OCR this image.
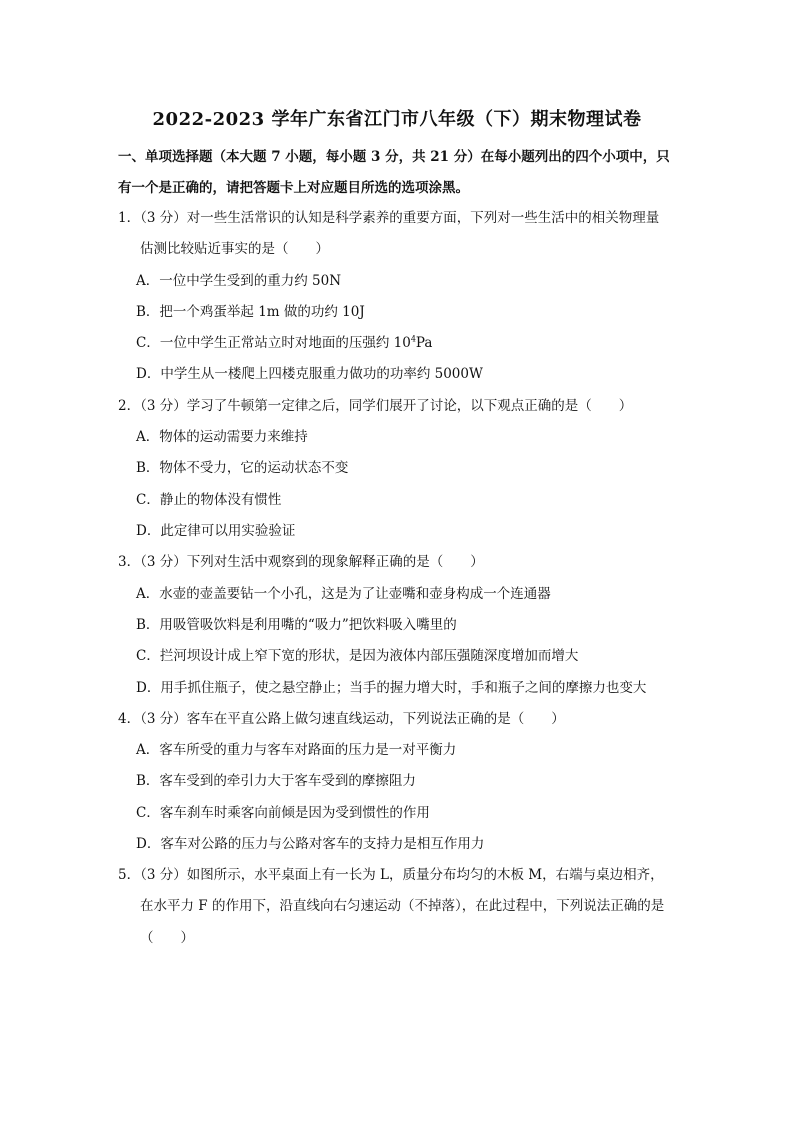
2022-2023 学年广东省江门市八年级（下）期末物理试卷
一、单项选择题（本大题 7 小题，每小题 3 分，共 21 分）在每小题列出的四个小项中，只
有一个是正确的，请把答题卡上对应题目所选的选项涂黑。
1．（3 分）对一些生活常识的认知是科学素养的重要方面，下列对一些生活中的相关物理量
估测比较贴近事实的是（　　）
A．一位中学生受到的重力约 50N
B．把一个鸡蛋举起 1m 做的功约 10J
C．一位中学生正常站立时对地面的压强约 $10^4Pa$
D．中学生从一楼爬上四楼克服重力做功的功率约 5000W
2．（3 分）学习了牛顿第一定律之后，同学们展开了讨论，以下观点正确的是（　　）
A．物体的运动需要力来维持
B．物体不受力，它的运动状态不变
C．静止的物体没有惯性
D．此定律可以用实验验证
3．（3 分）下列对生活中观察到的现象解释正确的是（　　）
A．水壶的壶盖要钻一个小孔，这是为了让壶嘴和壶身构成一个连通器
B．用吸管吸饮料是利用嘴的“吸力”把饮料吸入嘴里的
C．拦河坝设计成上窄下宽的形状，是因为液体内部压强随深度增加而增大
D．用手抓住瓶子，使之悬空静止；当手的握力增大时，手和瓶子之间的摩擦力也变大
4．（3 分）客车在平直公路上做匀速直线运动，下列说法正确的是（　　）
A．客车所受的重力与客车对路面的压力是一对平衡力
B．客车受到的牵引力大于客车受到的摩擦阻力
C．客车刹车时乘客向前倾是因为受到惯性的作用
D．客车对公路的压力与公路对客车的支持力是相互作用力
5．（3 分）如图所示，水平桌面上有一长为 L，质量分布均匀的木板 M，右端与桌边相齐，
在水平力 F 的作用下，沿直线向右匀速运动（不掉落），在此过程中，下列说法正确的是
（　　）
